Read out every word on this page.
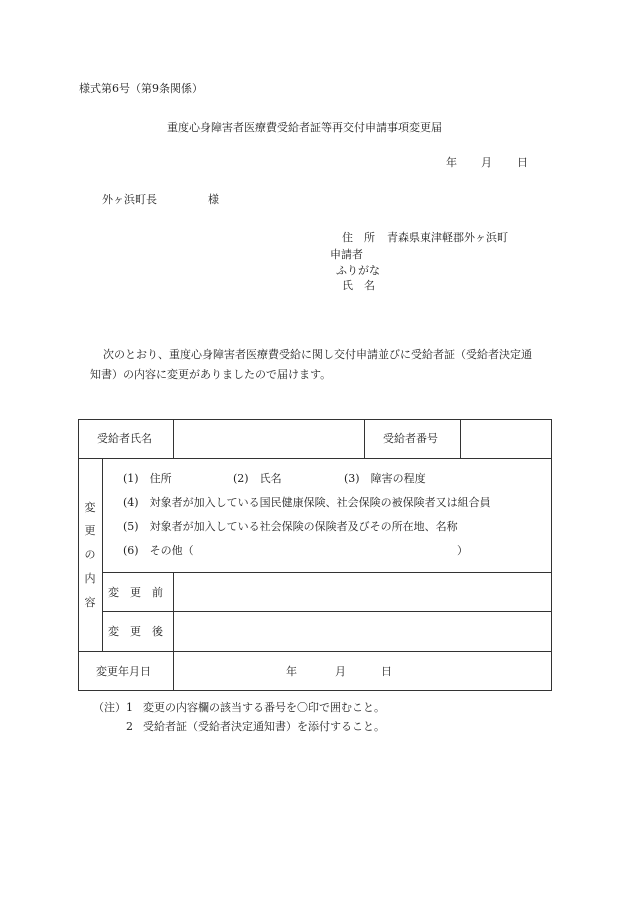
様式第6号（第9条関係）
重度心身障害者医療費受給者証等再交付申請事項変更届
年 月 日
外ヶ浜町長	様
住　所 青森県東津軽郡外ヶ浜町
申請者
ふりがな
氏　名
次のとおり、重度心身障害者医療費受給に関し交付申請並びに受給者証（受給者決定通
知書）の内容に変更がありましたので届けます。
受給者氏名	受給者番号
変
更
の
内
容
(1)　住所	(2)　氏名	(3)　障害の程度
(4)　対象者が加入している国民健康保険、社会保険の被保険者又は組合員
(5)　対象者が加入している社会保険の保険者及びその所在地、名称
(6)　その他（	）
変　更　前
変　更　後
変更年月日	年	月	日
（注） 1 変更の内容欄の該当する番号を〇印で囲むこと。
2 受給者証（受給者決定通知書）を添付すること。
